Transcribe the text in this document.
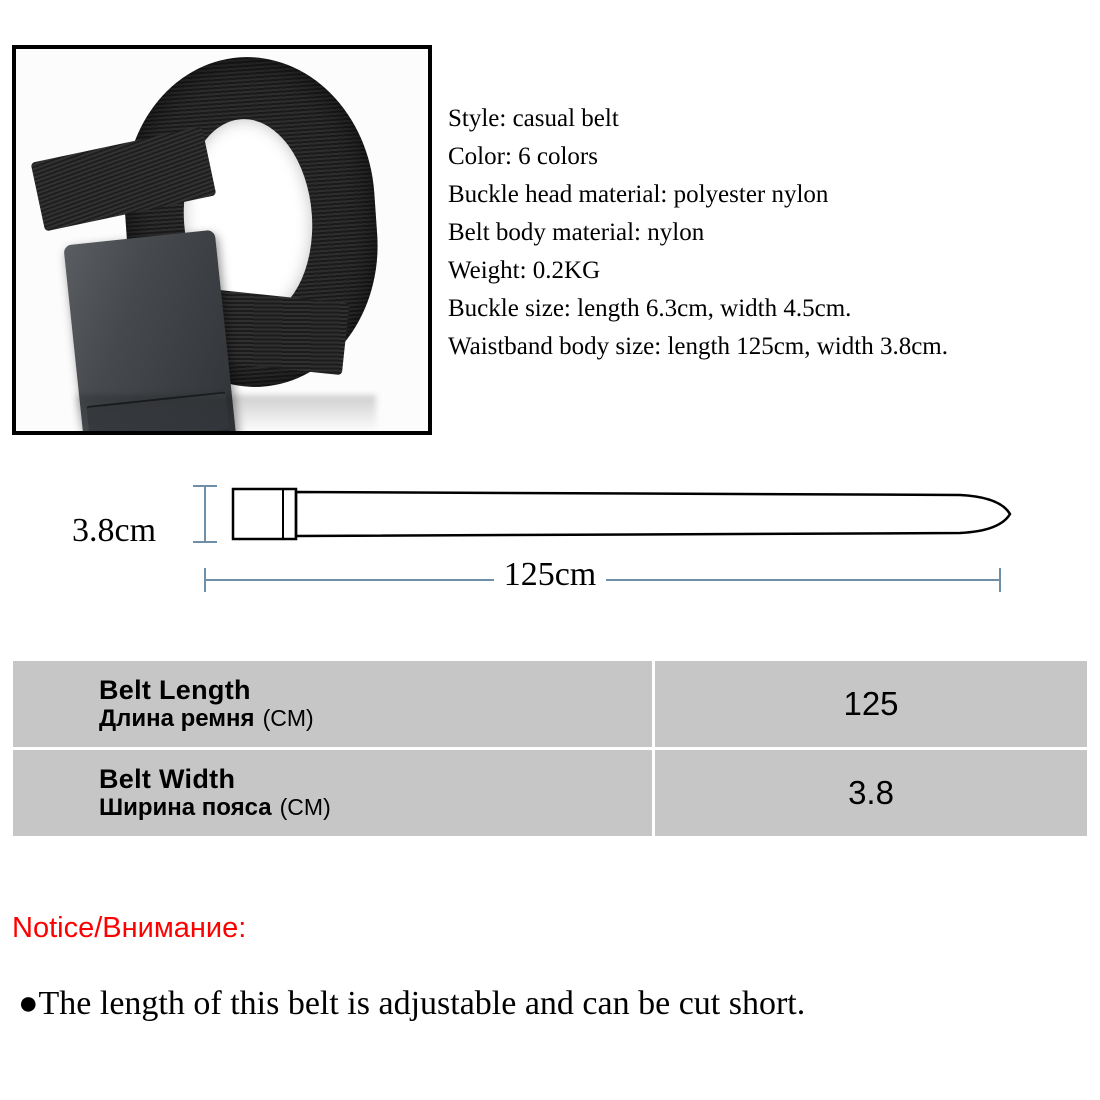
Style: casual belt
Color: 6 colors
Buckle head material: polyester nylon
Belt body material: nylon
Weight: 0.2KG
Buckle size: length 6.3cm, width 4.5cm.
Waistband body size: length 125cm, width 3.8cm.
3.8cm
125cm
Belt Length
Длина ремня (CM)	125

Belt Width
Ширина пояса (CM)	3.8
Notice/Внимание:
●The length of this belt is adjustable and can be cut short.
